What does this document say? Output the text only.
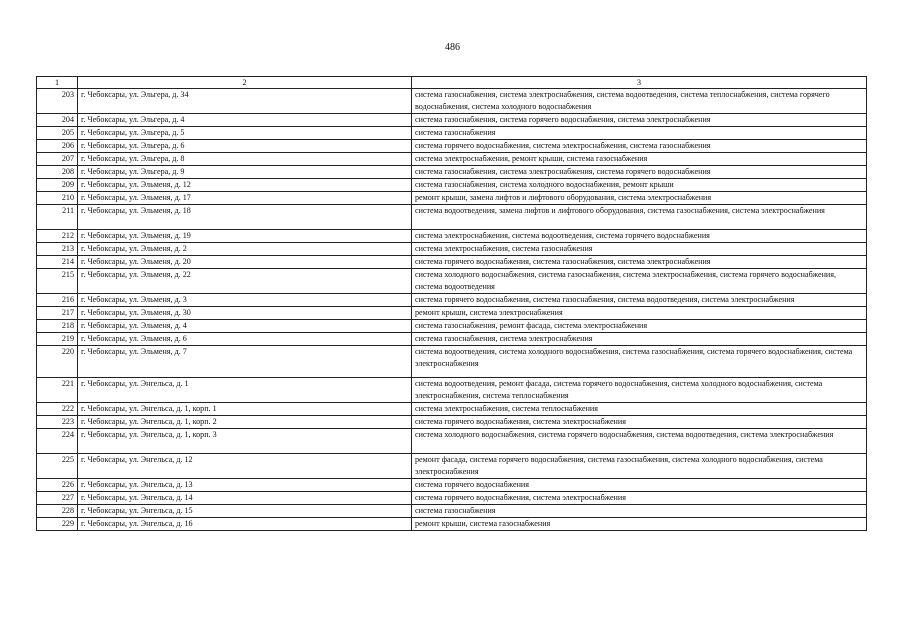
486
1	2	3
203	г. Чебоксары, ул. Эльгера, д. 34	система газоснабжения, система электроснабжения, система водоотведения, система теплоснабжения, система горячего водоснабжения, система холодного водоснабжения
204	г. Чебоксары, ул. Эльгера, д. 4	система газоснабжения, система горячего водоснабжения, система электроснабжения
205	г. Чебоксары, ул. Эльгера, д. 5	система газоснабжения
206	г. Чебоксары, ул. Эльгера, д. 6	система горячего водоснабжения, система электроснабжения, система газоснабжения
207	г. Чебоксары, ул. Эльгера, д. 8	система электроснабжения, ремонт крыши, система газоснабжения
208	г. Чебоксары, ул. Эльгера, д. 9	система газоснабжения, система электроснабжения, система горячего водоснабжения
209	г. Чебоксары, ул. Эльменя, д. 12	система газоснабжения, система холодного водоснабжения, ремонт крыши
210	г. Чебоксары, ул. Эльменя, д. 17	ремонт крыши, замена лифтов и лифтового оборудования, система электроснабжения
211	г. Чебоксары, ул. Эльменя, д. 18	система водоотведения, замена лифтов и лифтового оборудования, система газоснабжения, система электроснабжения
212	г. Чебоксары, ул. Эльменя, д. 19	система электроснабжения, система водоотведения, система горячего водоснабжения
213	г. Чебоксары, ул. Эльменя, д. 2	система электроснабжения, система газоснабжения
214	г. Чебоксары, ул. Эльменя, д. 20	система горячего водоснабжения, система газоснабжения, система электроснабжения
215	г. Чебоксары, ул. Эльменя, д. 22	система холодного водоснабжения, система газоснабжения, система электроснабжения, система горячего водоснабжения, система водоотведения
216	г. Чебоксары, ул. Эльменя, д. 3	система горячего водоснабжения, система газоснабжения, система водоотведения, система электроснабжения
217	г. Чебоксары, ул. Эльменя, д. 30	ремонт крыши, система электроснабжения
218	г. Чебоксары, ул. Эльменя, д. 4	система газоснабжения, ремонт фасада, система электроснабжения
219	г. Чебоксары, ул. Эльменя, д. 6	система газоснабжения, система электроснабжения
220	г. Чебоксары, ул. Эльменя, д. 7	система водоотведения, система холодного водоснабжения, система газоснабжения, система горячего водоснабжения, система электроснабжения
221	г. Чебоксары, ул. Энгельса, д. 1	система водоотведения, ремонт фасада, система горячего водоснабжения, система холодного водоснабжения, система электроснабжения, система теплоснабжения
222	г. Чебоксары, ул. Энгельса, д. 1, корп. 1	система электроснабжения, система теплоснабжения
223	г. Чебоксары, ул. Энгельса, д. 1, корп. 2	система горячего водоснабжения, система электроснабжения
224	г. Чебоксары, ул. Энгельса, д. 1, корп. 3	система холодного водоснабжения, система горячего водоснабжения, система водоотведения, система электроснабжения
225	г. Чебоксары, ул. Энгельса, д. 12	ремонт фасада, система горячего водоснабжения, система газоснабжения, система холодного водоснабжения, система электроснабжения
226	г. Чебоксары, ул. Энгельса, д. 13	система горячего водоснабжения
227	г. Чебоксары, ул. Энгельса, д. 14	система горячего водоснабжения, система электроснабжения
228	г. Чебоксары, ул. Энгельса, д. 15	система газоснабжения
229	г. Чебоксары, ул. Энгельса, д. 16	ремонт крыши, система газоснабжения
